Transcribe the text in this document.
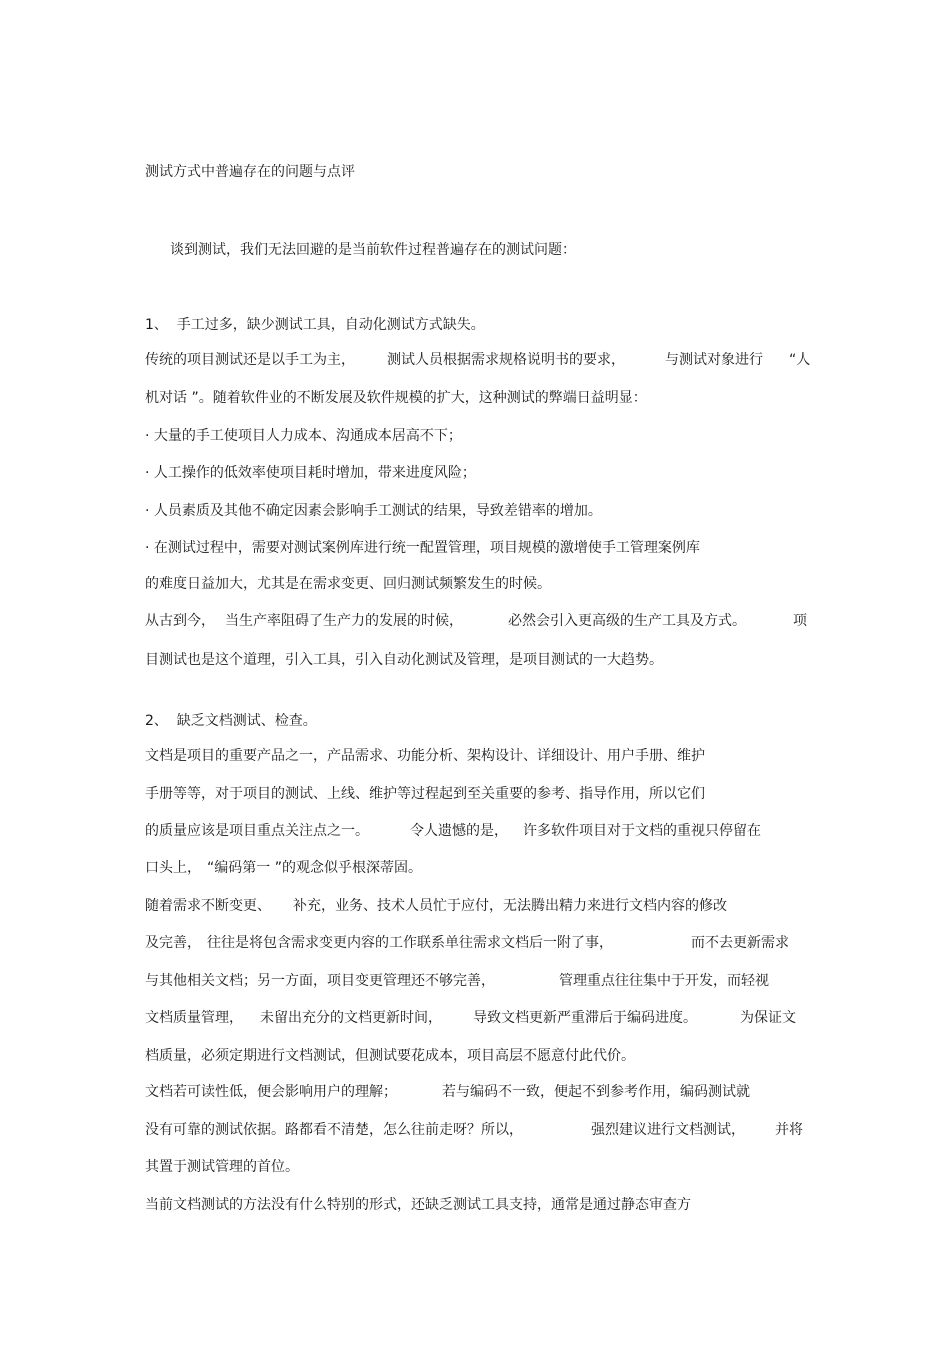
测试方式中普遍存在的问题与点评
谈到测试，我们无法回避的是当前软件过程普遍存在的测试问题：
1、  手工过多，缺少测试工具，自动化测试方式缺失。

传统的项目测试还是以手工为主，

测试人员根据需求规格说明书的要求，

	与测试对象进行

“人

机对话 ”。随着软件业的不断发展及软件规模的扩大，这种测试的弊端日益明显：
· 大量的手工使项目人力成本、沟通成本居高不下；
· 人工操作的低效率使项目耗时增加，带来进度风险；
· 人员素质及其他不确定因素会影响手工测试的结果，导致差错率的增加。
· 在测试过程中，需要对测试案例库进行统一配置管理，项目规模的激增使手工管理案例库
的难度日益加大，尤其是在需求变更、回归测试频繁发生的时候。

从古到今，

当生产率阻碍了生产力的发展的时候，

	必然会引入更高级的生产工具及方式。

	项

目测试也是这个道理，引入工具，引入自动化测试及管理，是项目测试的一大趋势。
2、  缺乏文档测试、检查。
文档是项目的重要产品之一，产品需求、功能分析、架构设计、详细设计、用户手册、维护
手册等等，对于项目的测试、上线、维护等过程起到至关重要的参考、指导作用，所以它们

的质量应该是项目重点关注点之一。

	令人遗憾的是，

许多软件项目对于文档的重视只停留在

口头上，

“编码第一 ”的观念似乎根深蒂固。

随着需求不断变更、

补充，业务、技术人员忙于应付，无法腾出精力来进行文档内容的修改

及完善，

往往是将包含需求变更内容的工作联系单往需求文档后一附了事，

	而不去更新需求

与其他相关文档；另一方面，项目变更管理还不够完善，

	管理重点往往集中于开发，而轻视

文档质量管理，

未留出充分的文档更新时间，

导致文档更新严重滞后于编码进度。

	为保证文

档质量，必须定期进行文档测试，但测试要花成本，项目高层不愿意付此代价。

文档若可读性低，便会影响用户的理解；

	若与编码不一致，便起不到参考作用，编码测试就

没有可靠的测试依据。路都看不清楚，怎么往前走呀？所以，

	强烈建议进行文档测试，

并将

其置于测试管理的首位。
当前文档测试的方法没有什么特别的形式，还缺乏测试工具支持，通常是通过静态审查方
